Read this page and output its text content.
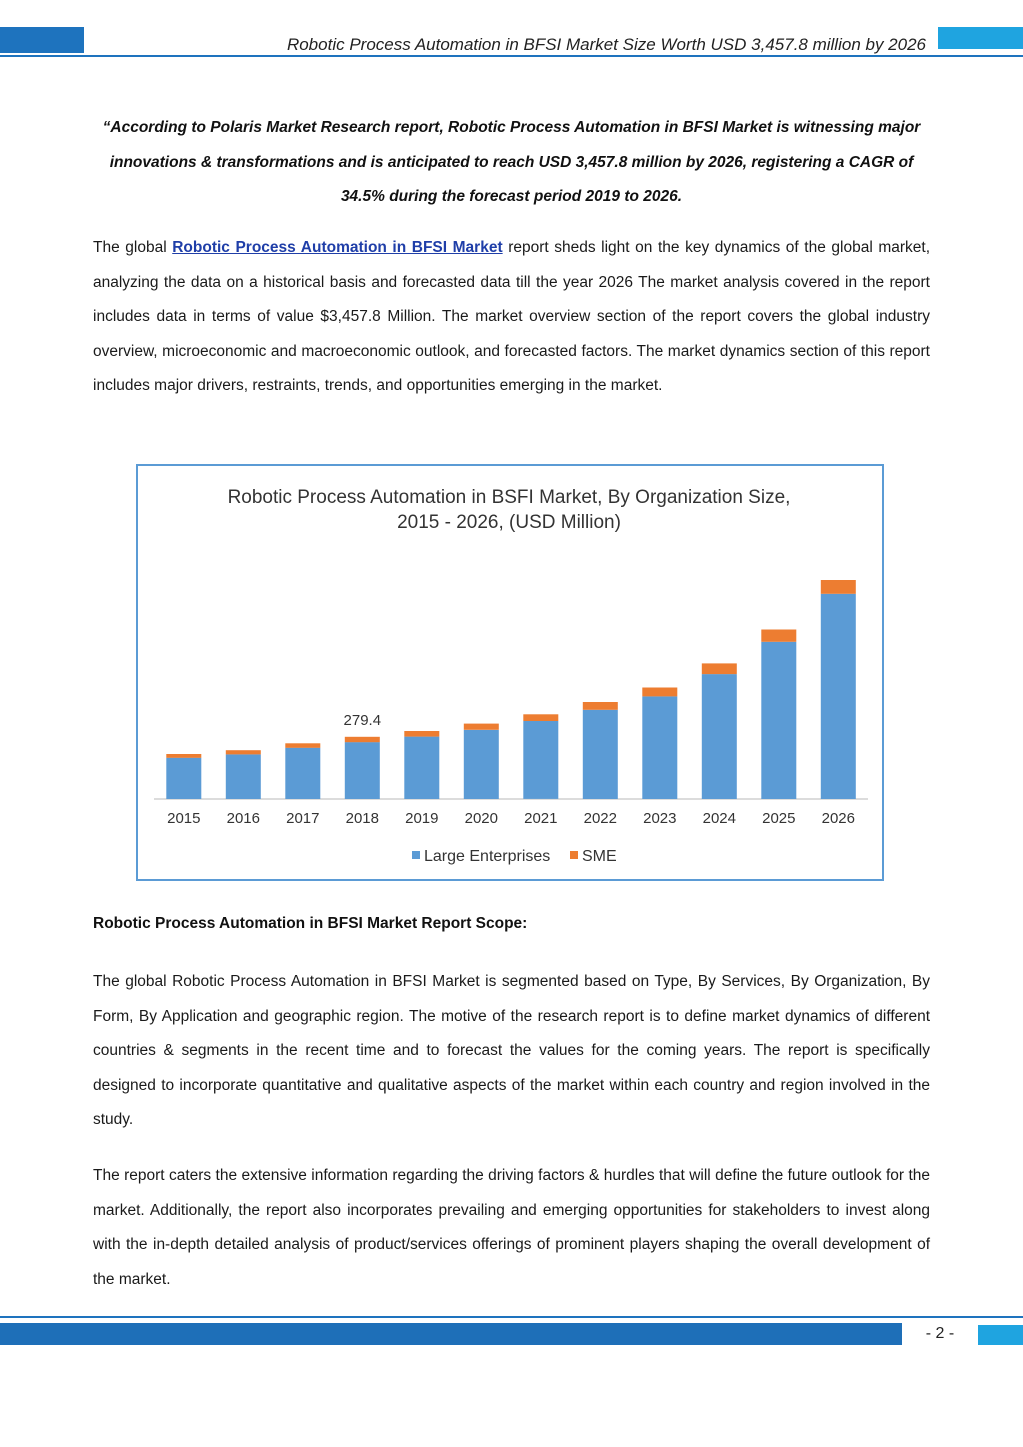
Robotic Process Automation in BFSI Market Size Worth USD 3,457.8 million by 2026
“According to Polaris Market Research report, Robotic Process Automation in BFSI Market is witnessing major innovations & transformations and is anticipated to reach USD 3,457.8 million by 2026, registering a CAGR of 34.5% during the forecast period 2019 to 2026.

The global Robotic Process Automation in BFSI Market report sheds light on the key dynamics of the global market, analyzing the data on a historical basis and forecasted data till the year 2026 The market analysis covered in the report includes data in terms of value $3,457.8 Million. The market overview section of the report covers the global industry overview, microeconomic and macroeconomic outlook, and forecasted factors. The market dynamics section of this report includes major drivers, restraints, trends, and opportunities emerging in the market.

Robotic Process Automation in BSFI Market, By Organization Size,
2015 - 2026, (USD Million)
2015 2016 2017 2018 2019 2020 2021 2022 2023 2024 2025 2026
279.4
Large Enterprises SME
Robotic Process Automation in BFSI Market Report Scope:

The global Robotic Process Automation in BFSI Market is segmented based on Type, By Services, By Organization, By Form, By Application and geographic region. The motive of the research report is to define market dynamics of different countries & segments in the recent time and to forecast the values for the coming years. The report is specifically designed to incorporate quantitative and qualitative aspects of the market within each country and region involved in the study.

The report caters the extensive information regarding the driving factors & hurdles that will define the future outlook for the market. Additionally, the report also incorporates prevailing and emerging opportunities for stakeholders to invest along with the in-depth detailed analysis of product/services offerings of prominent players shaping the overall development of the market.

- 2 -
